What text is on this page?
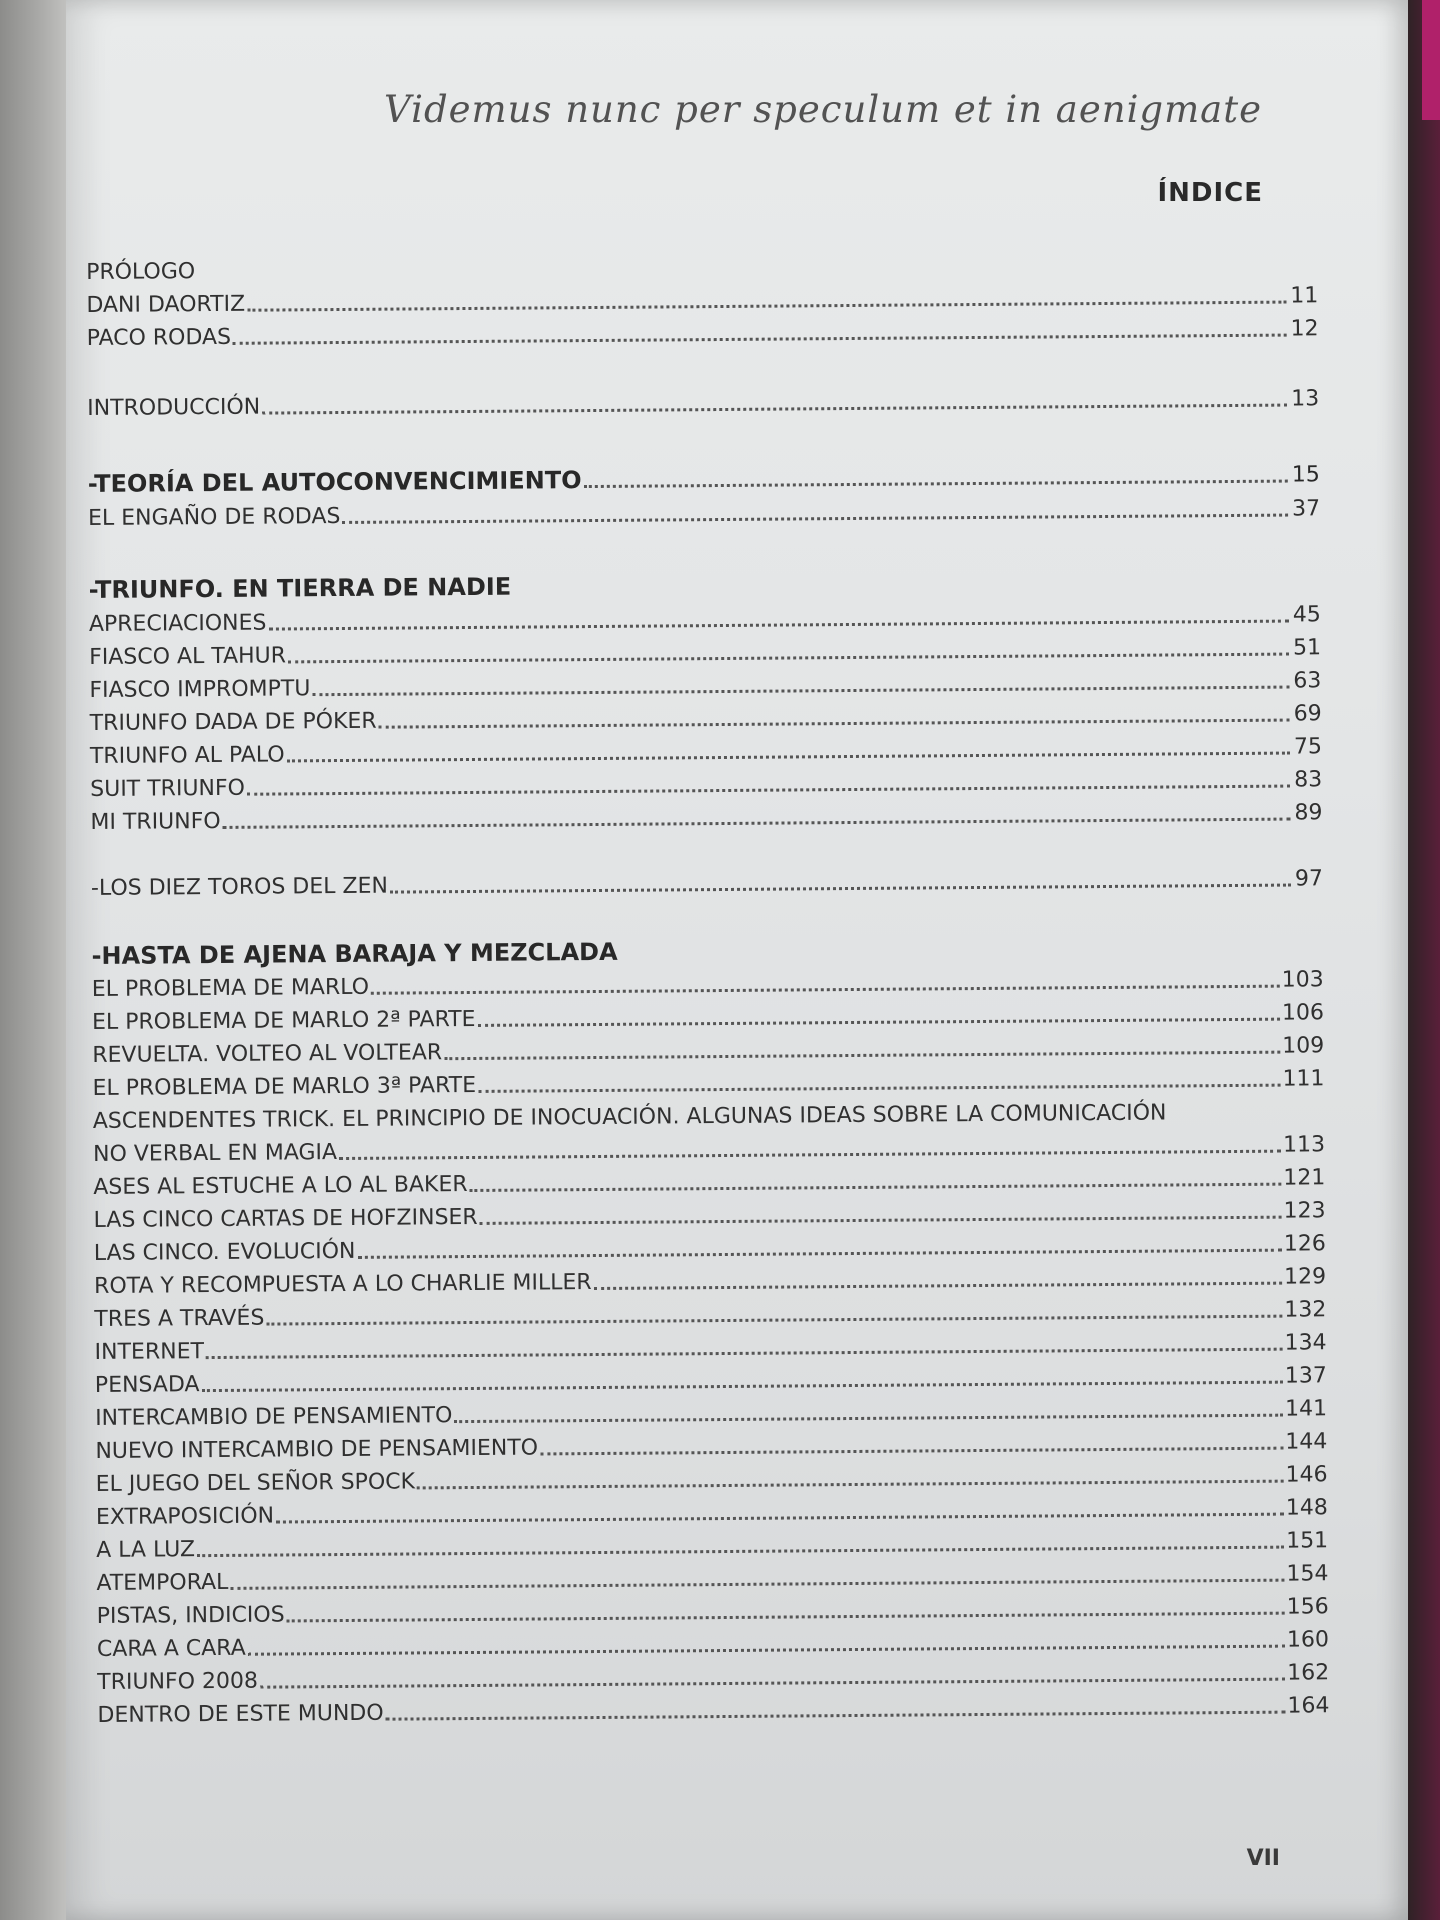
Videmus nunc per speculum et in aenigmate
ÍNDICE
PRÓLOGO
DANI DAORTIZ	11
PACO RODAS	12
INTRODUCCIÓN	13
-TEORÍA DEL AUTOCONVENCIMIENTO	15
EL ENGAÑO DE RODAS	37
-TRIUNFO. EN TIERRA DE NADIE
APRECIACIONES	45
FIASCO AL TAHUR	51
FIASCO IMPROMPTU	63
TRIUNFO DADA DE PÓKER	69
TRIUNFO AL PALO	75
SUIT TRIUNFO	83
MI TRIUNFO	89
-LOS DIEZ TOROS DEL ZEN	97
-HASTA DE AJENA BARAJA Y MEZCLADA
EL PROBLEMA DE MARLO	103
EL PROBLEMA DE MARLO 2ª PARTE	106
REVUELTA. VOLTEO AL VOLTEAR	109
EL PROBLEMA DE MARLO 3ª PARTE	111
ASCENDENTES TRICK. EL PRINCIPIO DE INOCUACIÓN. ALGUNAS IDEAS SOBRE LA COMUNICACIÓN
NO VERBAL EN MAGIA	113
ASES AL ESTUCHE A LO AL BAKER	121
LAS CINCO CARTAS DE HOFZINSER	123
LAS CINCO. EVOLUCIÓN	126
ROTA Y RECOMPUESTA A LO CHARLIE MILLER	129
TRES A TRAVÉS	132
INTERNET	134
PENSADA	137
INTERCAMBIO DE PENSAMIENTO	141
NUEVO INTERCAMBIO DE PENSAMIENTO	144
EL JUEGO DEL SEÑOR SPOCK	146
EXTRAPOSICIÓN	148
A LA LUZ	151
ATEMPORAL	154
PISTAS, INDICIOS	156
CARA A CARA	160
TRIUNFO 2008	162
DENTRO DE ESTE MUNDO	164
VII
